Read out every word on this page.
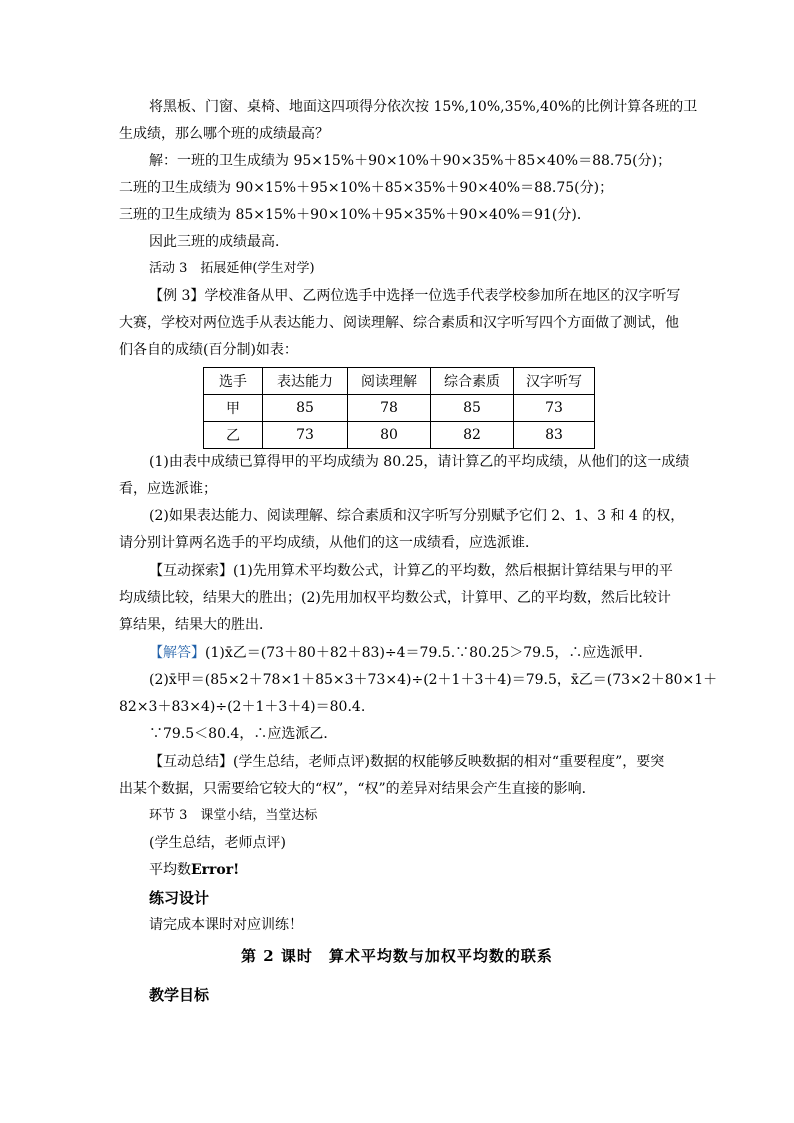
将黑板、门窗、桌椅、地面这四项得分依次按 15%,10%,35%,40%的比例计算各班的卫
生成绩，那么哪个班的成绩最高？
解：一班的卫生成绩为 95×15%＋90×10%＋90×35%＋85×40%＝88.75(分)；
二班的卫生成绩为 90×15%＋95×10%＋85×35%＋90×40%＝88.75(分)；
三班的卫生成绩为 85×15%＋90×10%＋95×35%＋90×40%＝91(分)．
因此三班的成绩最高．
活动 3　拓展延伸(学生对学)
【例 3】学校准备从甲、乙两位选手中选择一位选手代表学校参加所在地区的汉字听写
大赛，学校对两位选手从表达能力、阅读理解、综合素质和汉字听写四个方面做了测试，他
们各自的成绩(百分制)如表：
选手	表达能力	阅读理解	综合素质	汉字听写
甲	85	78	85	73
乙	73	80	82	83
(1)由表中成绩已算得甲的平均成绩为 80.25，请计算乙的平均成绩，从他们的这一成绩
看，应选派谁；
(2)如果表达能力、阅读理解、综合素质和汉字听写分别赋予它们 2、1、3 和 4 的权，
请分别计算两名选手的平均成绩，从他们的这一成绩看，应选派谁．
【互动探索】(1)先用算术平均数公式，计算乙的平均数，然后根据计算结果与甲的平
均成绩比较，结果大的胜出；(2)先用加权平均数公式，计算甲、乙的平均数，然后比较计
算结果，结果大的胜出．
【解答】(1)x̄乙＝(73＋80＋82＋83)÷4＝79.5.∵80.25＞79.5，∴应选派甲．
(2)x̄甲＝(85×2＋78×1＋85×3＋73×4)÷(2＋1＋3＋4)＝79.5，x̄乙＝(73×2＋80×1＋
82×3＋83×4)÷(2＋1＋3＋4)＝80.4.
∵79.5＜80.4，∴应选派乙．
【互动总结】(学生总结，老师点评)数据的权能够反映数据的相对“重要程度”，要突
出某个数据，只需要给它较大的“权”，“权”的差异对结果会产生直接的影响．
环节 3　课堂小结，当堂达标
(学生总结，老师点评)
平均数Error!
练习设计
请完成本课时对应训练！
第 2 课时　算术平均数与加权平均数的联系
教学目标
